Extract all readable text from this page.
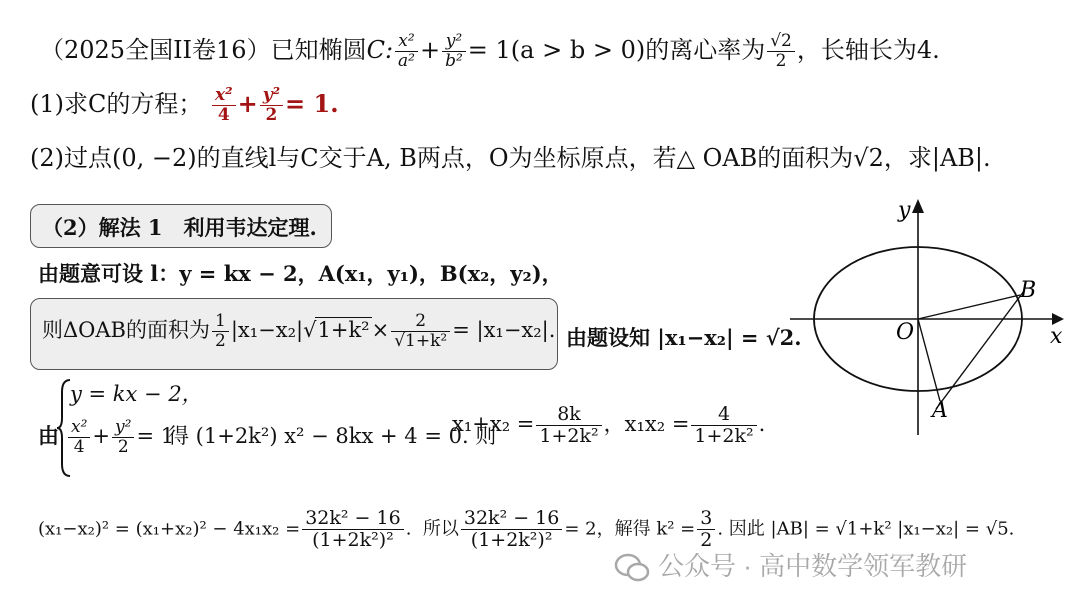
（2025全国II卷16）已知椭圆C: $\frac{\text{x²}}{\text{a²}} + \frac{\text{y²}}{\text{b²}} = 1(a > b > 0)$的离心率为 $\frac{√2}{2}$ ，长轴长为4.
(1)求C的方程； $\frac{\text{x²}}{4} + \frac{\text{y²}}{2} = 1$.
(2)过点(0, −2)的直线l与C交于A, B两点，O为坐标原点，若△ OAB的面积为√2，求|AB|.
（2）解法 1　利用韦达定理.
由题意可设 l：y = kx − 2，A(x₁，y₁)，B(x₂，y₂)，
则ΔOAB的面积为 $\frac{1}{2} |x_1-x_2|√1+k^2\times \frac{2}{\text{√1+k²}} = |x_1-x_2|$. 由题设知 |x₁−x₂| = √2.
由
y = kx − 2，
$\frac{\text{x²}}{4} + \frac{\text{y²}}{2} = 1$
得 (1+2k²) x² − 8kx + 4 = 0. 则
$x_1+x_2 = \frac{8k}{\text{1+2k²}}$ ，$x_1x_2 = \frac{4}{\text{1+2k²}}$ .
$(x_1-x_2)^2 = (x_1+x_2)^2 - 4x_1x_2 = \frac{\text{32k² − 16}}{\text{(1+2k²)²}}$ . 所以 $\frac{\text{32k² − 16}}{\text{(1+2k²)²}} = 2$，解得 $k^2 = \frac{3}{2}$ . 因此 |AB| = √1+k² |x₁−x₂| = √5.
x
y
O
B
A
公众号 · 高中数学领军教研
